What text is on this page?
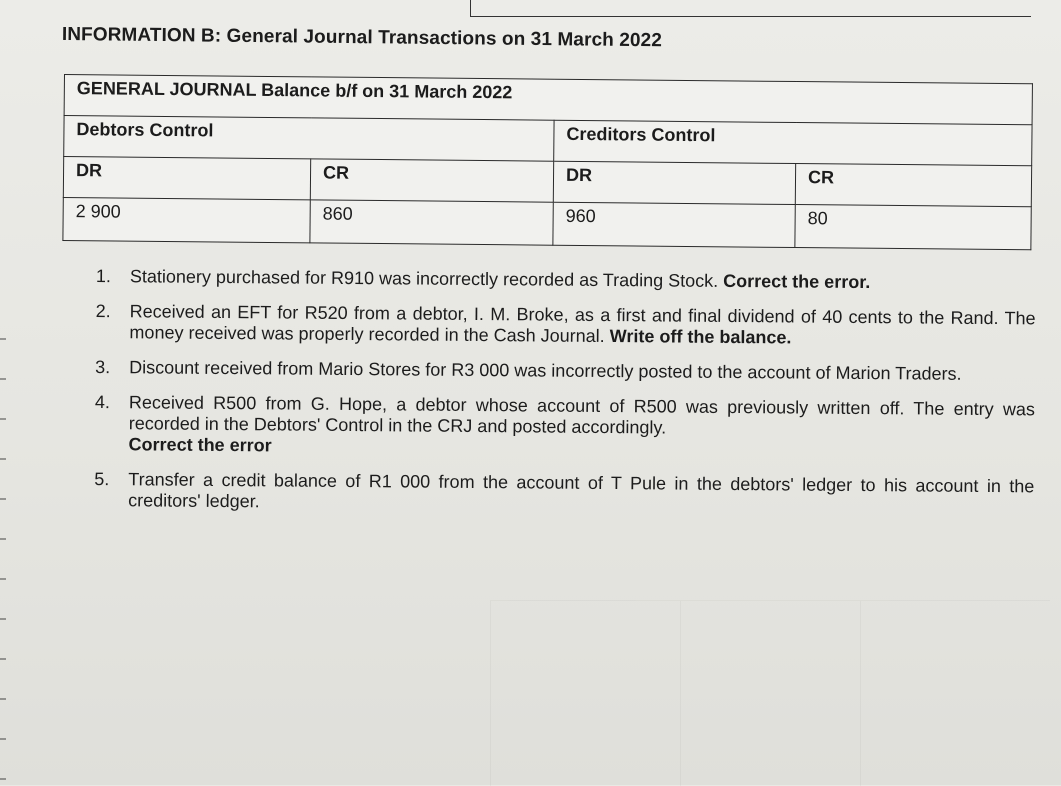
INFORMATION B: General Journal Transactions on 31 March 2022
GENERAL JOURNAL Balance b/f on 31 March 2022			
Debtors Control		Creditors Control	
DR	CR	DR	CR
2 900	860	960	80
1. Stationery purchased for R910 was incorrectly recorded as Trading Stock. Correct the error.
2. Received an EFT for R520 from a debtor, I. M. Broke, as a first and final dividend of 40 cents to the Rand. The money received was properly recorded in the Cash Journal. Write off the balance.
3. Discount received from Mario Stores for R3 000 was incorrectly posted to the account of Marion Traders.
4. Received R500 from G. Hope, a debtor whose account of R500 was previously written off. The entry was recorded in the Debtors' Control in the CRJ and posted accordingly.
Correct the error
5. Transfer a credit balance of R1 000 from the account of T Pule in the debtors' ledger to his account in the creditors' ledger.
